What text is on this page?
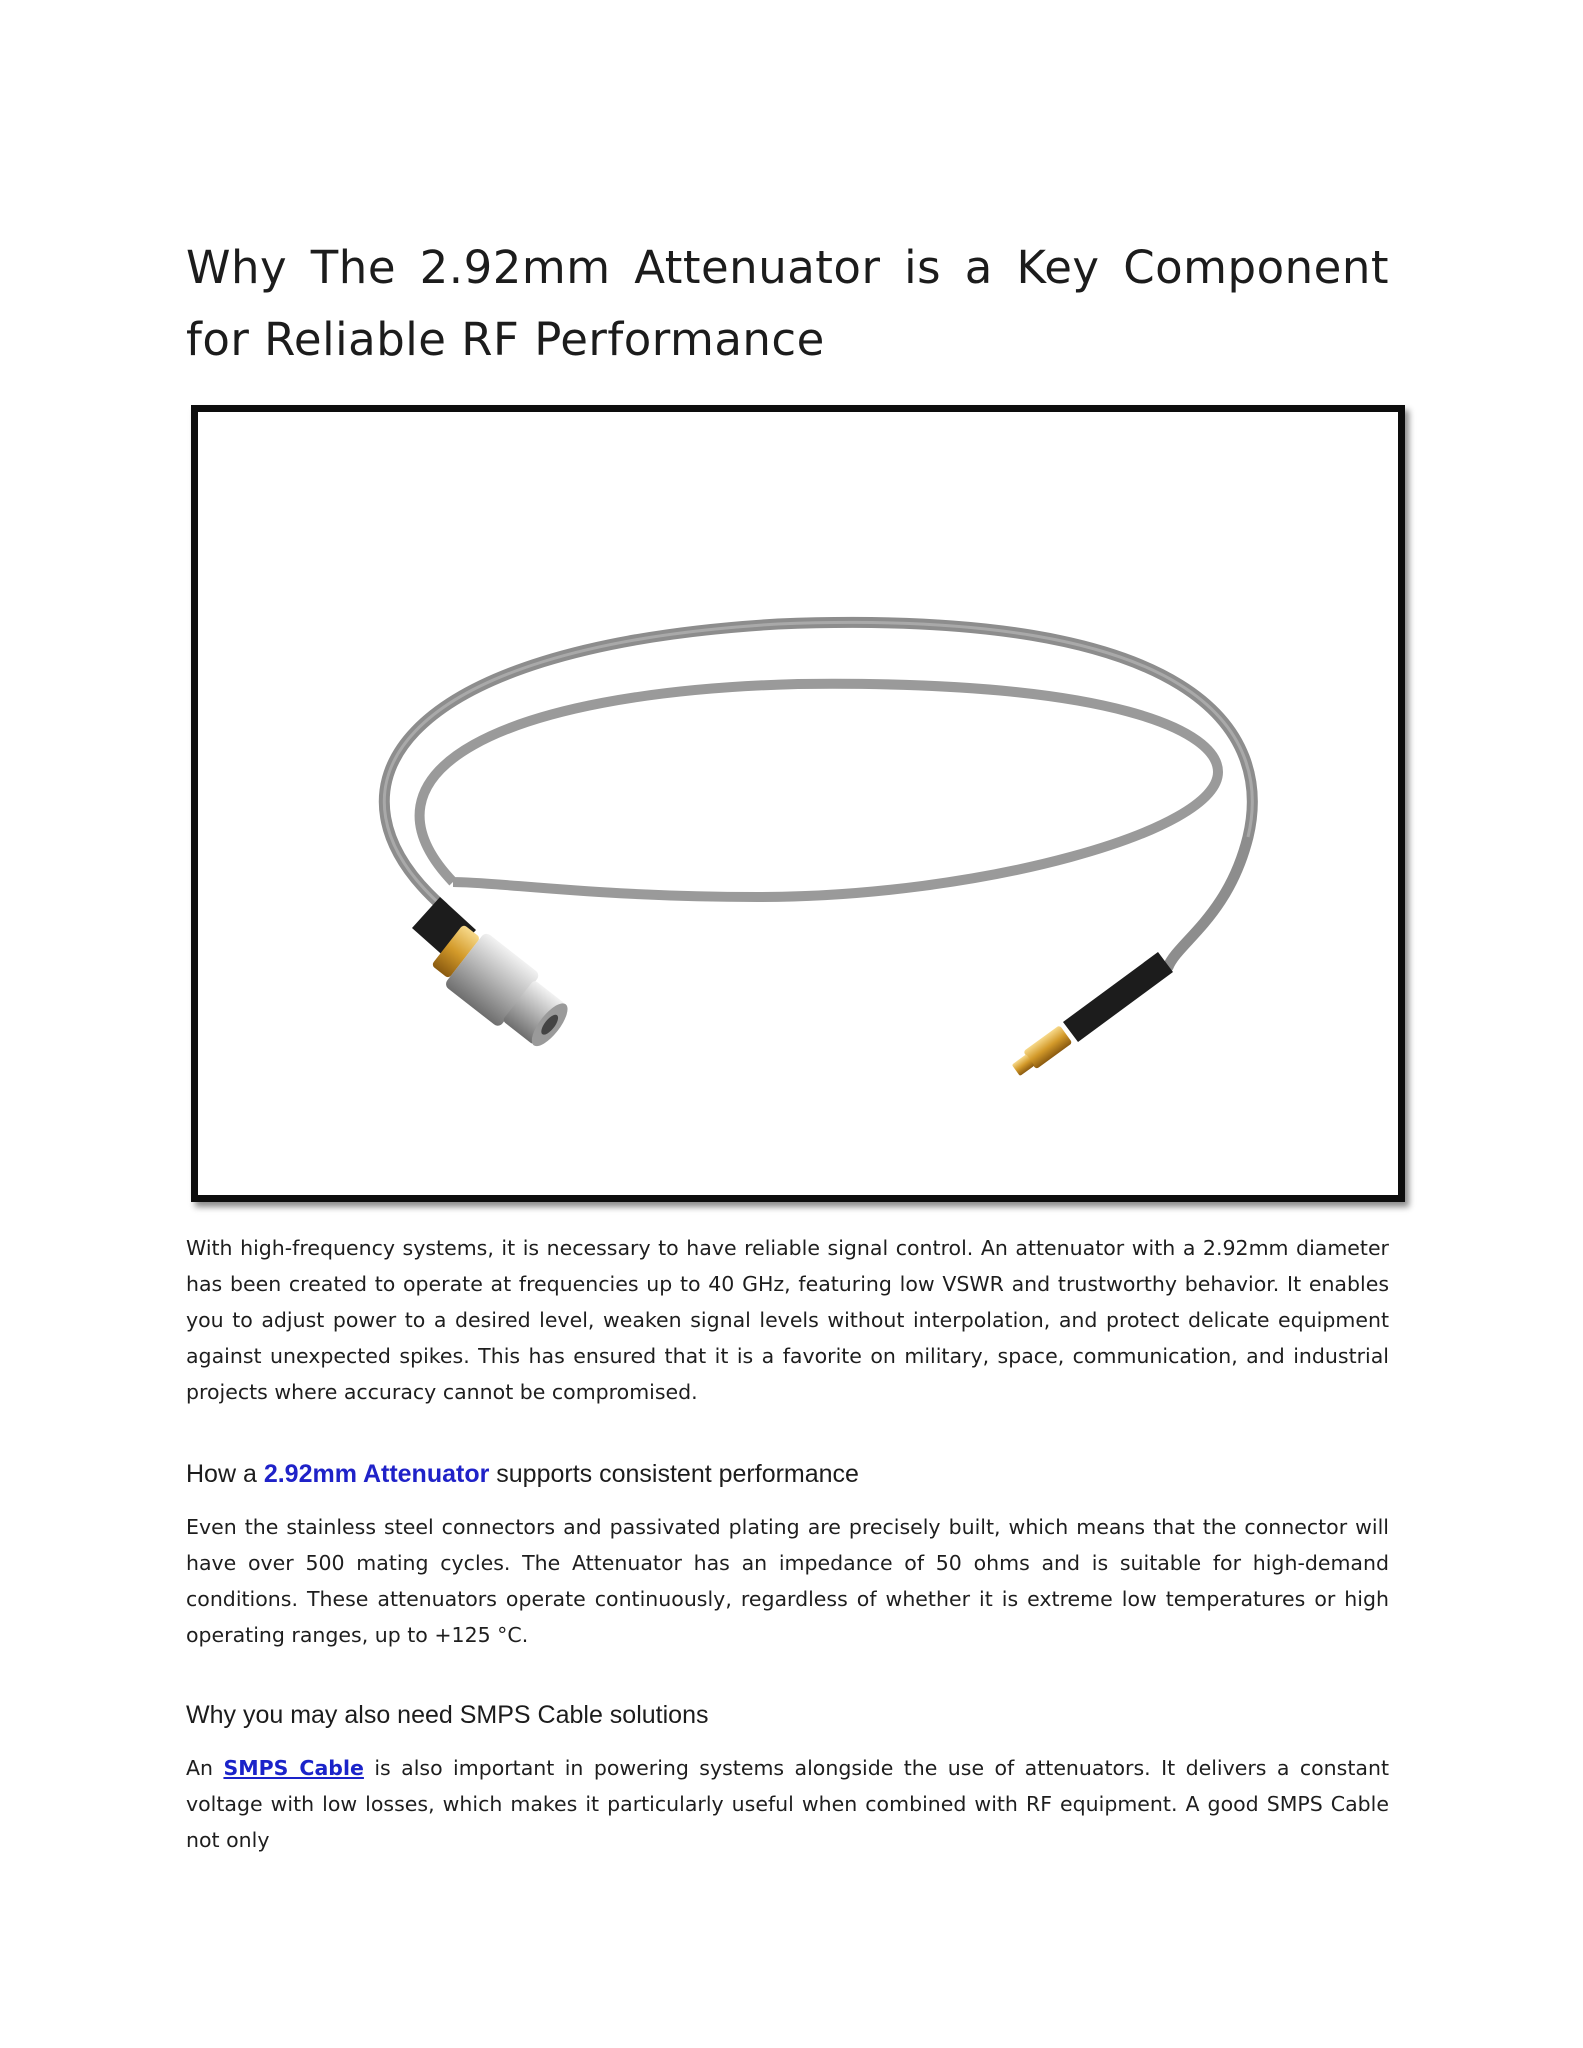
Why The 2.92mm Attenuator is a Key Component for Reliable RF Performance

With high-frequency systems, it is necessary to have reliable signal control. An attenuator with a 2.92mm diameter has been created to operate at frequencies up to 40 GHz, featuring low VSWR and trustworthy behavior. It enables you to adjust power to a desired level, weaken signal levels without interpolation, and protect delicate equipment against unexpected spikes. This has ensured that it is a favorite on military, space, communication, and industrial projects where accuracy cannot be compromised.

How a 2.92mm Attenuator supports consistent performance

Even the stainless steel connectors and passivated plating are precisely built, which means that the connector will have over 500 mating cycles. The Attenuator has an impedance of 50 ohms and is suitable for high-demand conditions. These attenuators operate continuously, regardless of whether it is extreme low temperatures or high operating ranges, up to +125 °C.

Why you may also need SMPS Cable solutions

An SMPS Cable is also important in powering systems alongside the use of attenuators. It delivers a constant voltage with low losses, which makes it particularly useful when combined with RF equipment. A good SMPS Cable not only
